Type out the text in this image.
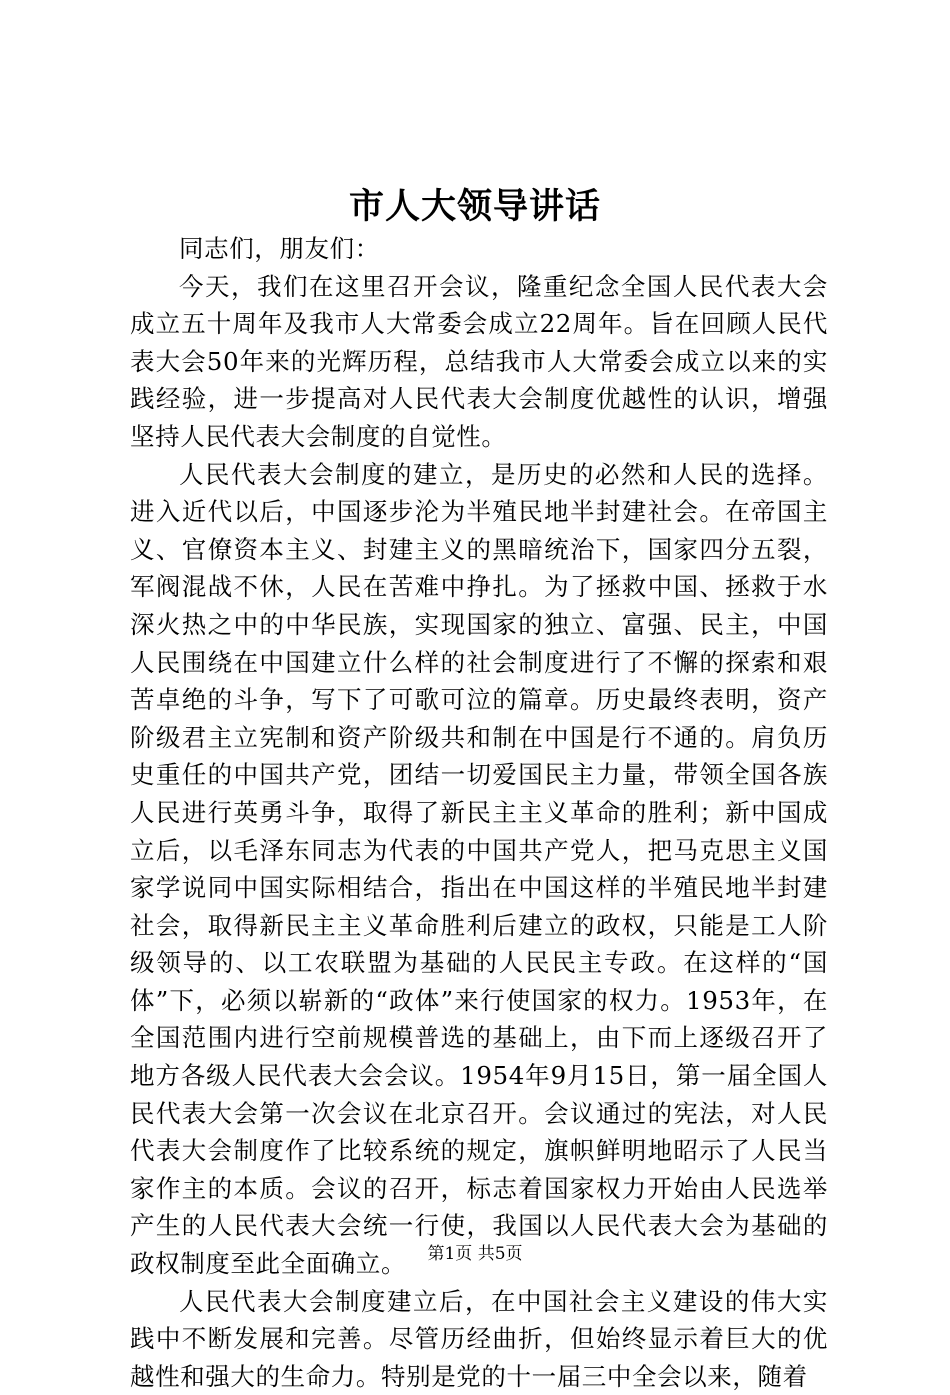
市人大领导讲话

同志们，朋友们：

今天，我们在这里召开会议，隆重纪念全国人民代表大会成立五十周年及我市人大常委会成立22周年。旨在回顾人民代表大会50年来的光辉历程，总结我市人大常委会成立以来的实践经验，进一步提高对人民代表大会制度优越性的认识，增强坚持人民代表大会制度的自觉性。

人民代表大会制度的建立，是历史的必然和人民的选择。进入近代以后，中国逐步沦为半殖民地半封建社会。在帝国主义、官僚资本主义、封建主义的黑暗统治下，国家四分五裂，军阀混战不休，人民在苦难中挣扎。为了拯救中国、拯救于水深火热之中的中华民族，实现国家的独立、富强、民主，中国人民围绕在中国建立什么样的社会制度进行了不懈的探索和艰苦卓绝的斗争，写下了可歌可泣的篇章。历史最终表明，资产阶级君主立宪制和资产阶级共和制在中国是行不通的。肩负历史重任的中国共产党，团结一切爱国民主力量，带领全国各族人民进行英勇斗争，取得了新民主主义革命的胜利；新中国成立后，以毛泽东同志为代表的中国共产党人，把马克思主义国家学说同中国实际相结合，指出在中国这样的半殖民地半封建社会，取得新民主主义革命胜利后建立的政权，只能是工人阶级领导的、以工农联盟为基础的人民民主专政。在这样的“国体”下，必须以崭新的“政体”来行使国家的权力。1953年，在全国范围内进行空前规模普选的基础上，由下而上逐级召开了地方各级人民代表大会会议。1954年9月15日，第一届全国人民代表大会第一次会议在北京召开。会议通过的宪法，对人民代表大会制度作了比较系统的规定，旗帜鲜明地昭示了人民当家作主的本质。会议的召开，标志着国家权力开始由人民选举产生的人民代表大会统一行使，我国以人民代表大会为基础的政权制度至此全面确立。

人民代表大会制度建立后，在中国社会主义建设的伟大实践中不断发展和完善。尽管历经曲折，但始终显示着巨大的优越性和强大的生命力。特别是党的十一届三中全会以来，随着

第1页 共5页
